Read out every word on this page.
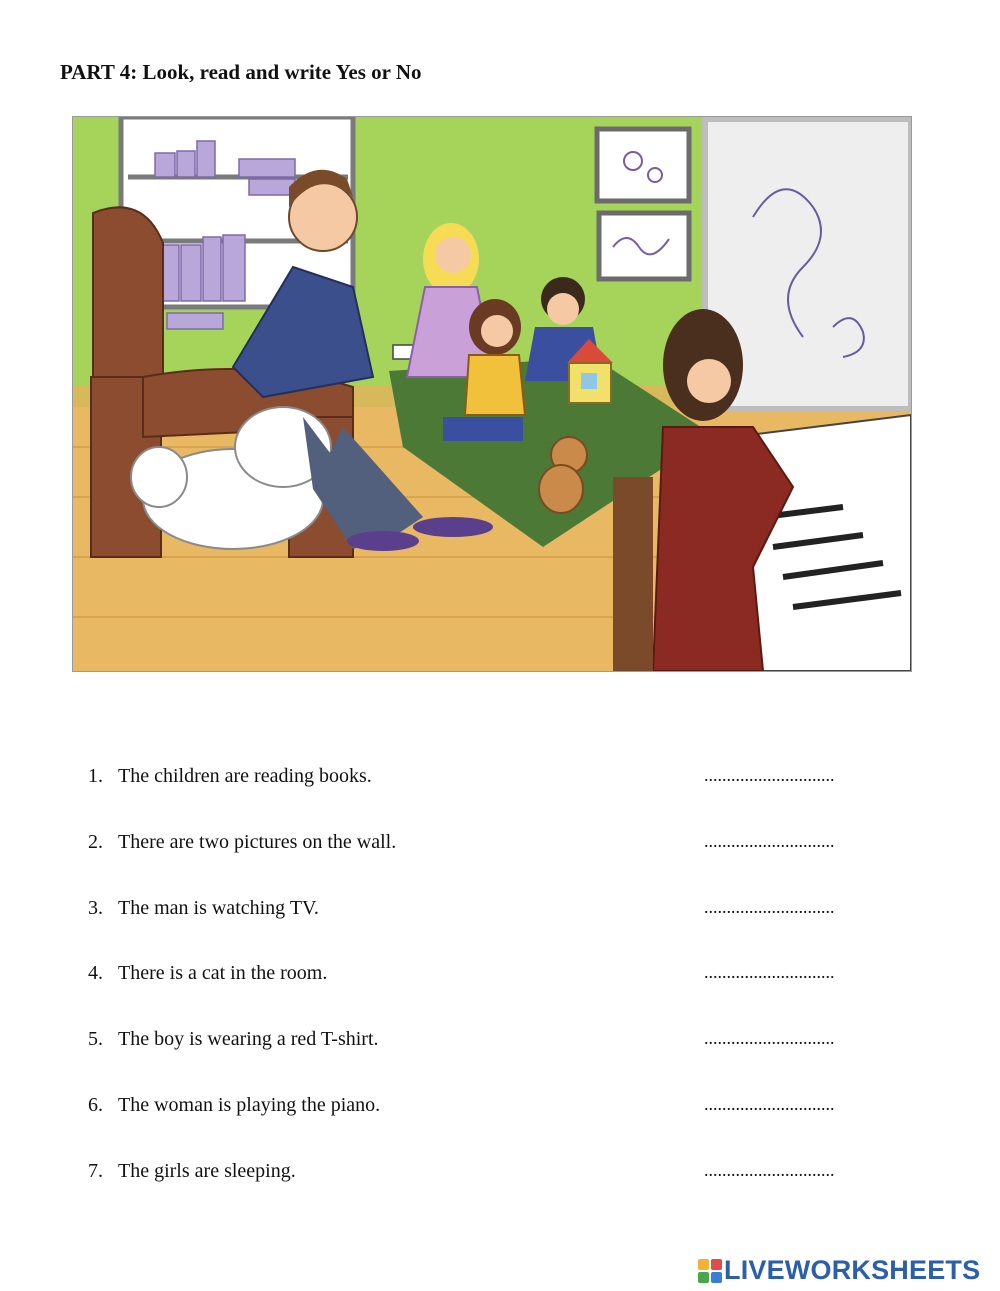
PART 4: Look, read and write Yes or No
1. The children are reading books.	.............................
2. There are two pictures on the wall.	.............................
3. The man is watching TV.	.............................
4. There is a cat in the room.	.............................
5. The boy is wearing a red T-shirt.	.............................
6. The woman is playing the piano.	.............................
7. The girls are sleeping.	.............................
LIVEWORKSHEETS
